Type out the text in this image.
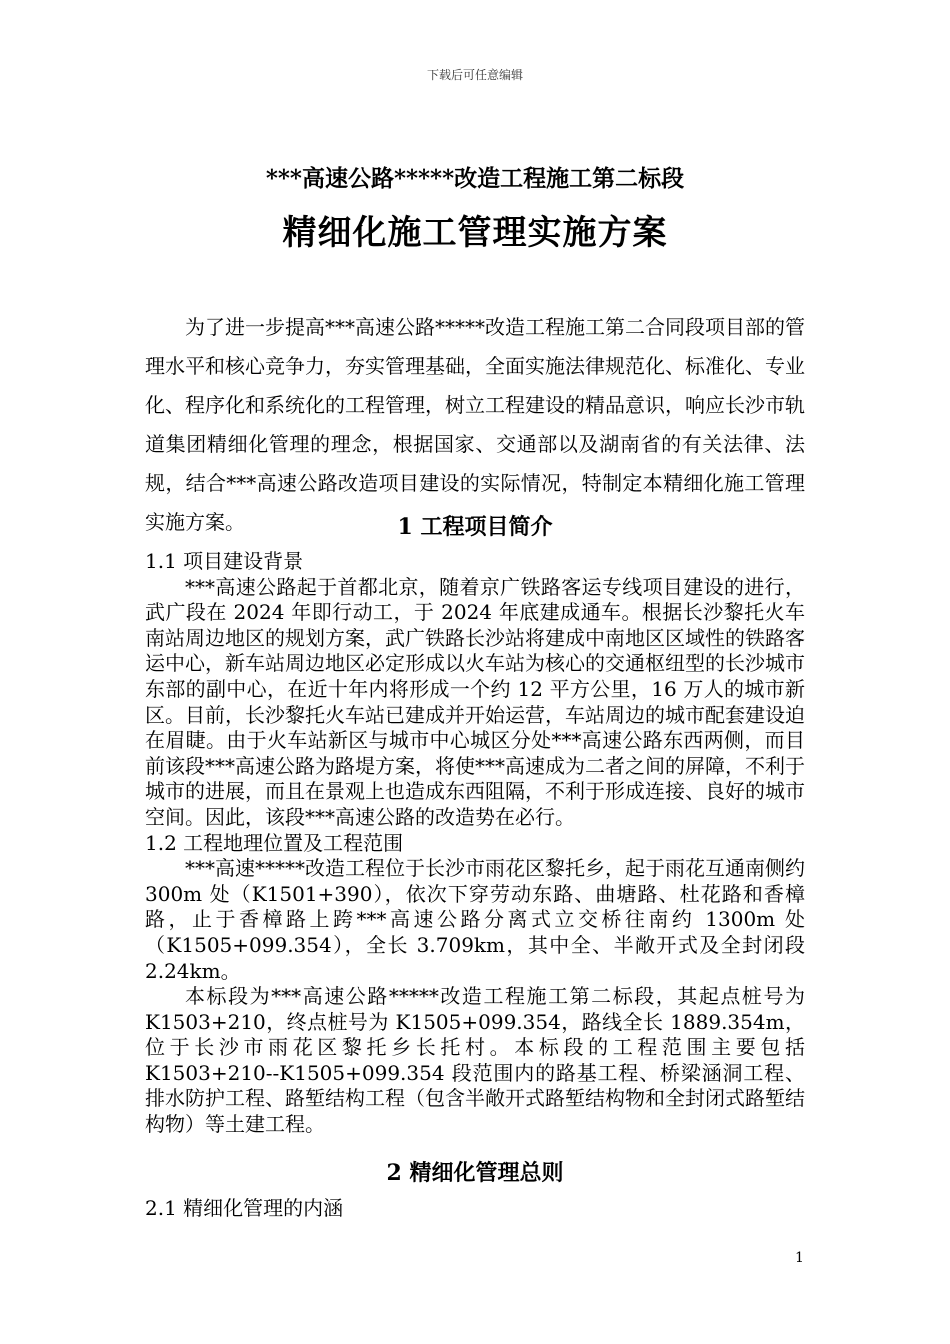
下载后可任意编辑
***高速公路*****改造工程施工第二标段
精细化施工管理实施方案

为了进一步提高***高速公路*****改造工程施工第二合同段项目部的管理水平和核心竞争力，夯实管理基础，全面实施法律规范化、标准化、专业化、程序化和系统化的工程管理，树立工程建设的精品意识，响应长沙市轨道集团精细化管理的理念，根据国家、交通部以及湖南省的有关法律、法规，结合***高速公路改造项目建设的实际情况，特制定本精细化施工管理实施方案。	1 工程项目简介

1.1 项目建设背景

***高速公路起于首都北京，随着京广铁路客运专线项目建设的进行，武广段在 2024 年即行动工，于 2024 年底建成通车。根据长沙黎托火车南站周边地区的规划方案，武广铁路长沙站将建成中南地区区域性的铁路客运中心，新车站周边地区必定形成以火车站为核心的交通枢纽型的长沙城市东部的副中心，在近十年内将形成一个约 12 平方公里，16 万人的城市新区。目前，长沙黎托火车站已建成并开始运营，车站周边的城市配套建设迫在眉睫。由于火车站新区与城市中心城区分处***高速公路东西两侧，而目前该段***高速公路为路堤方案，将使***高速成为二者之间的屏障，不利于城市的进展，而且在景观上也造成东西阻隔，不利于形成连接、良好的城市空间。因此，该段***高速公路的改造势在必行。

1.2 工程地理位置及工程范围

***高速*****改造工程位于长沙市雨花区黎托乡，起于雨花互通南侧约 300m 处（K1501+390），依次下穿劳动东路、曲塘路、杜花路和香樟路，止于香樟路上跨***高速公路分离式立交桥往南约 1300m 处（K1505+099.354），全长 3.709km，其中全、半敞开式及全封闭段 2.24km。

本标段为***高速公路*****改造工程施工第二标段，其起点桩号为 K1503+210，终点桩号为 K1505+099.354，路线全长 1889.354m，位于长沙市雨花区黎托乡长托村。本标段的工程范围主要包括 K1503+210--K1505+099.354 段范围内的路基工程、桥梁涵洞工程、排水防护工程、路堑结构工程（包含半敞开式路堑结构物和全封闭式路堑结构物）等土建工程。

2 精细化管理总则

2.1 精细化管理的内涵

1
